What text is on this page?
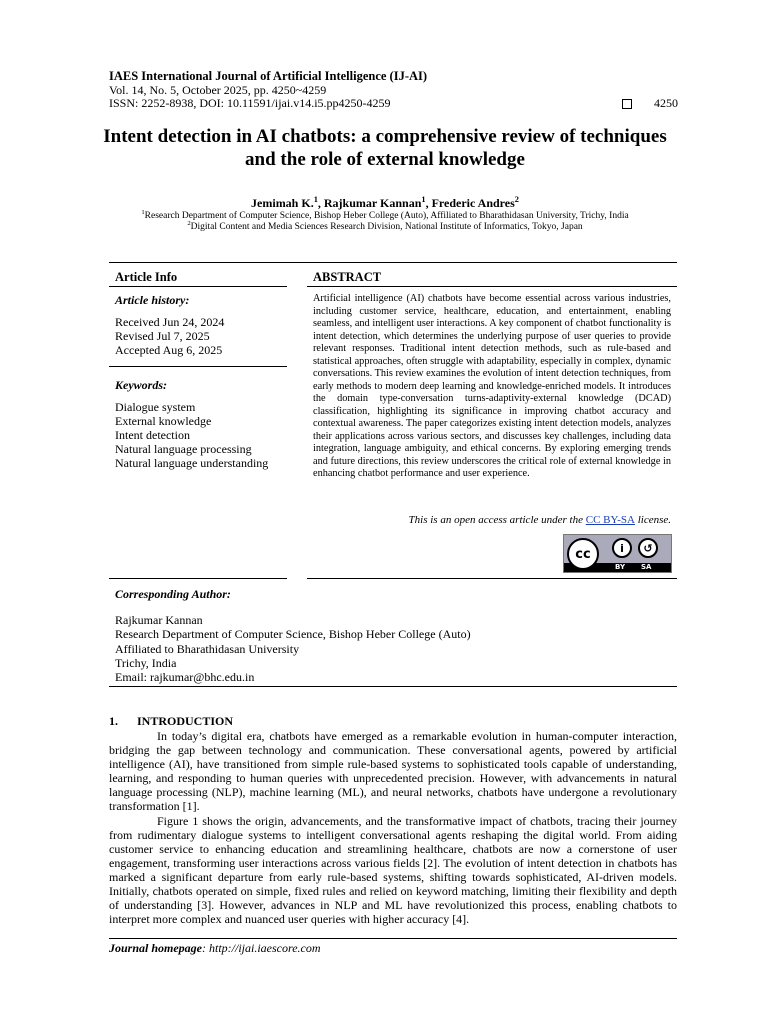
IAES International Journal of Artificial Intelligence (IJ-AI)
Vol. 14, No. 5, October 2025, pp. 4250~4259
ISSN: 2252-8938, DOI: 10.11591/ijai.v14.i5.pp4250-4259	4250
Intent detection in AI chatbots: a comprehensive review of techniques and the role of external knowledge
Jemimah K.$^1$, Rajkumar Kannan$^1$, Frederic Andres$^2$
$^1$Research Department of Computer Science, Bishop Heber College (Auto), Affiliated to Bharathidasan University, Trichy, India
$^2$Digital Content and Media Sciences Research Division, National Institute of Informatics, Tokyo, Japan
Article Info	ABSTRACT
Article history:
Received Jun 24, 2024
Revised Jul 7, 2025
Accepted Aug 6, 2025
Keywords:
Dialogue system
External knowledge
Intent detection
Natural language processing
Natural language understanding
Artificial intelligence (AI) chatbots have become essential across various industries, including customer service, healthcare, education, and entertainment, enabling seamless, and intelligent user interactions. A key component of chatbot functionality is intent detection, which determines the underlying purpose of user queries to provide relevant responses. Traditional intent detection methods, such as rule-based and statistical approaches, often struggle with adaptability, especially in complex, dynamic conversations. This review examines the evolution of intent detection techniques, from early methods to modern deep learning and knowledge-enriched models. It introduces the domain type-conversation turns-adaptivity-external knowledge (DCAD) classification, highlighting its significance in improving chatbot accuracy and contextual awareness. The paper categorizes existing intent detection models, analyzes their applications across various sectors, and discusses key challenges, including data integration, language ambiguity, and ethical concerns. By exploring emerging trends and future directions, this review underscores the critical role of external knowledge in enhancing chatbot performance and user experience.
This is an open access article under the CC BY-SA license.
cc	i	↺
BY SA
Corresponding Author:
Rajkumar Kannan
Research Department of Computer Science, Bishop Heber College (Auto)
Affiliated to Bharathidasan University
Trichy, India
Email: rajkumar@bhc.edu.in
1. INTRODUCTION

In today’s digital era, chatbots have emerged as a remarkable evolution in human-computer interaction, bridging the gap between technology and communication. These conversational agents, powered by artificial intelligence (AI), have transitioned from simple rule-based systems to sophisticated tools capable of understanding, learning, and responding to human queries with unprecedented precision. However, with advancements in natural language processing (NLP), machine learning (ML), and neural networks, chatbots have undergone a revolutionary transformation [1].

Figure 1 shows the origin, advancements, and the transformative impact of chatbots, tracing their journey from rudimentary dialogue systems to intelligent conversational agents reshaping the digital world. From aiding customer service to enhancing education and streamlining healthcare, chatbots are now a cornerstone of user engagement, transforming user interactions across various fields [2]. The evolution of intent detection in chatbots has marked a significant departure from early rule-based systems, shifting towards sophisticated, AI-driven models. Initially, chatbots operated on simple, fixed rules and relied on keyword matching, limiting their flexibility and depth of understanding [3]. However, advances in NLP and ML have revolutionized this process, enabling chatbots to interpret more complex and nuanced user queries with higher accuracy [4].

Journal homepage: http://ijai.iaescore.com
